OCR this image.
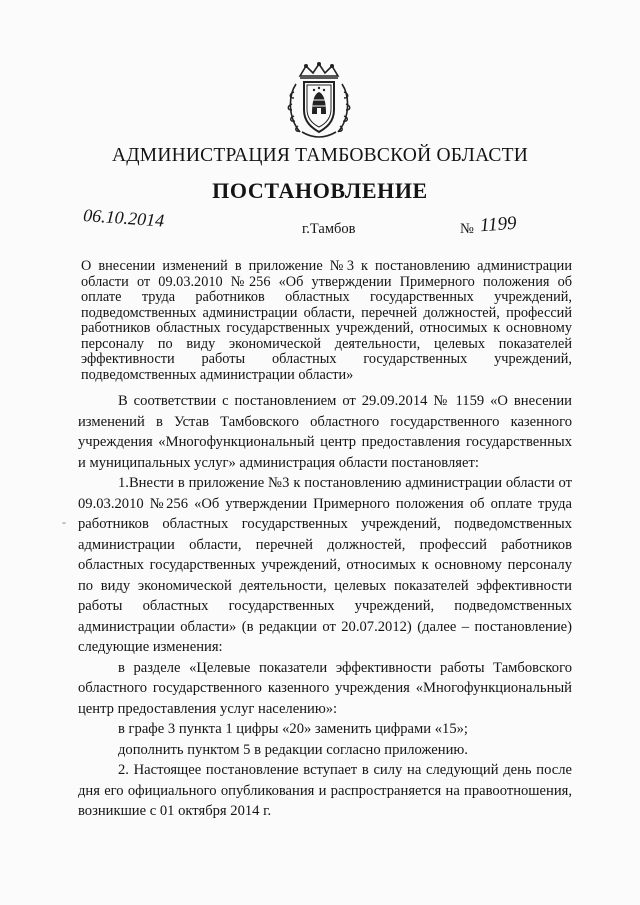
АДМИНИСТРАЦИЯ ТАМБОВСКОЙ ОБЛАСТИ
ПОСТАНОВЛЕНИЕ
06.10.2014	г.Тамбов	№ 1199
О внесении изменений в приложение №3 к постановлению администрации области от 09.03.2010 №256 «Об утверждении Примерного положения об оплате труда работников областных государственных учреждений, подведомственных администрации области, перечней должностей, профессий работников областных государственных учреждений, относимых к основному персоналу по виду экономической деятельности, целевых показателей эффективности работы областных государственных учреждений, подведомственных администрации области»
-

В соответствии с постановлением от 29.09.2014 № 1159 «О внесении изменений в Устав Тамбовского областного государственного казенного учреждения «Многофункциональный центр предоставления государственных и муниципальных услуг» администрация области постановляет:

1.Внести в приложение №3 к постановлению администрации области от 09.03.2010 №256 «Об утверждении Примерного положения об оплате труда работников областных государственных учреждений, подведомственных администрации области, перечней должностей, профессий работников областных государственных учреждений, относимых к основному персоналу по виду экономической деятельности, целевых показателей эффективности работы областных государственных учреждений, подведомственных администрации области» (в редакции от 20.07.2012) (далее – постановление) следующие изменения:

в разделе «Целевые показатели эффективности работы Тамбовского областного государственного казенного учреждения «Многофункциональный центр предоставления услуг населению»:

в графе 3 пункта 1 цифры «20» заменить цифрами «15»;

дополнить пунктом 5 в редакции согласно приложению.

2. Настоящее постановление вступает в силу на следующий день после дня его официального опубликования и распространяется на правоотношения, возникшие с 01 октября 2014 г.
